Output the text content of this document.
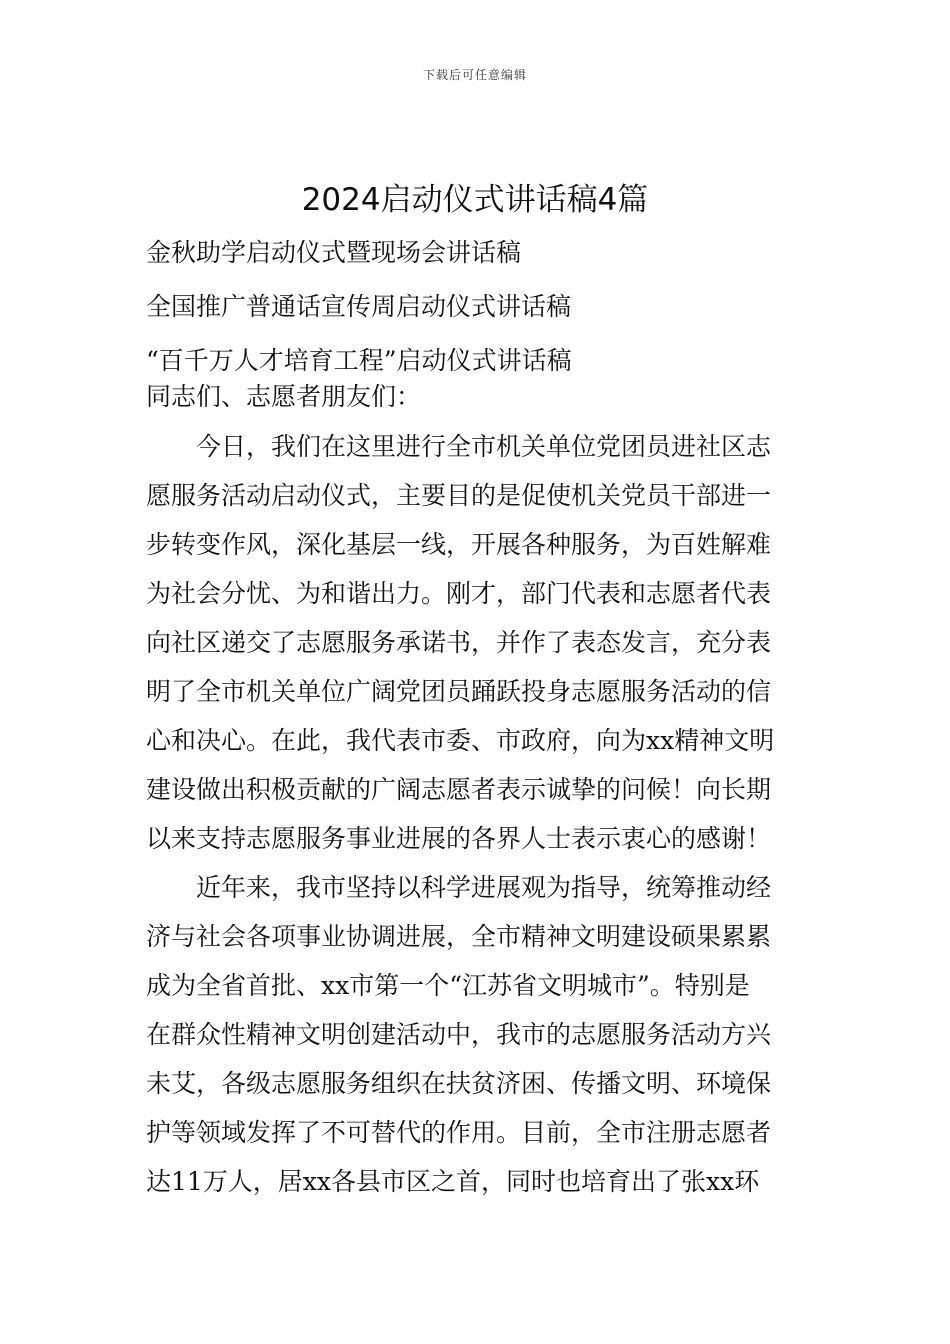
下载后可任意编辑
2024启动仪式讲话稿4篇
金秋助学启动仪式暨现场会讲话稿
全国推广普通话宣传周启动仪式讲话稿
“百千万人才培育工程”启动仪式讲话稿

同志们、志愿者朋友们：

今日，我们在这里进行全市机关单位党团员进社区志
愿服务活动启动仪式，主要目的是促使机关党员干部进一
步转变作风，深化基层一线，开展各种服务，为百姓解难
为社会分忧、为和谐出力。刚才，部门代表和志愿者代表
向社区递交了志愿服务承诺书，并作了表态发言，充分表
明了全市机关单位广阔党团员踊跃投身志愿服务活动的信
心和决心。在此，我代表市委、市政府，向为xx精神文明
建设做出积极贡献的广阔志愿者表示诚挚的问候！向长期
以来支持志愿服务事业进展的各界人士表示衷心的感谢！

近年来，我市坚持以科学进展观为指导，统筹推动经
济与社会各项事业协调进展，全市精神文明建设硕果累累
成为全省首批、xx市第一个“江苏省文明城市”。特别是
在群众性精神文明创建活动中，我市的志愿服务活动方兴
未艾，各级志愿服务组织在扶贫济困、传播文明、环境保
护等领域发挥了不可替代的作用。目前，全市注册志愿者
达11万人，居xx各县市区之首，同时也培育出了张xx环
